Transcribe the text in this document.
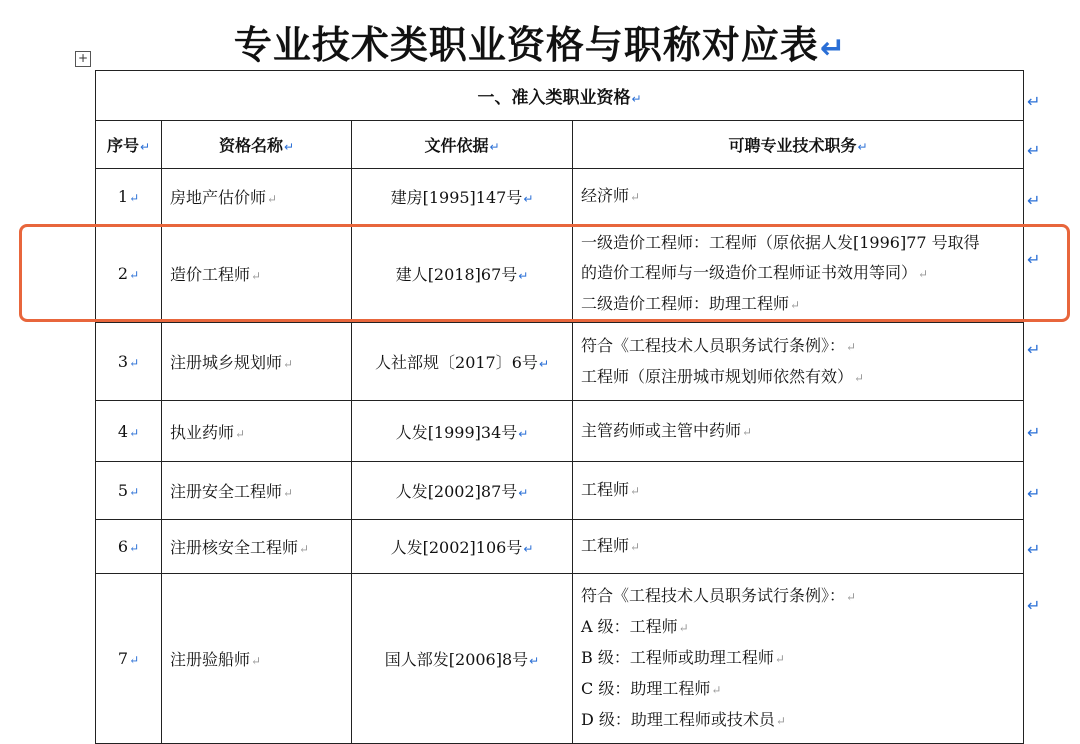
专业技术类职业资格与职称对应表↵
+
一、准入类职业资格↵			
序号↵	资格名称↵	文件依据↵	可聘专业技术职务↵
1↵	房地产估价师↵	建房[1995]147号↵	经济师↵
2↵	造价工程师↵	建人[2018]67号↵	一级造价工程师：工程师（原依据人发[1996]77 号取得
的造价工程师与一级造价工程师证书效用等同）↵
二级造价工程师：助理工程师↵

3↵	注册城乡规划师↵	人社部规〔2017〕6号↵	符合《工程技术人员职务试行条例》：↵
工程师（原注册城市规划师依然有效）↵

4↵	执业药师↵	人发[1999]34号↵	主管药师或主管中药师↵
5↵	注册安全工程师↵	人发[2002]87号↵	工程师↵
6↵	注册核安全工程师↵	人发[2002]106号↵	工程师↵
7↵	注册验船师↵	国人部发[2006]8号↵	符合《工程技术人员职务试行条例》：↵
A 级：工程师↵
B 级：工程师或助理工程师↵
C 级：助理工程师↵
D 级：助理工程师或技术员↵
↵
↵
↵
↵
↵
↵
↵
↵
↵
